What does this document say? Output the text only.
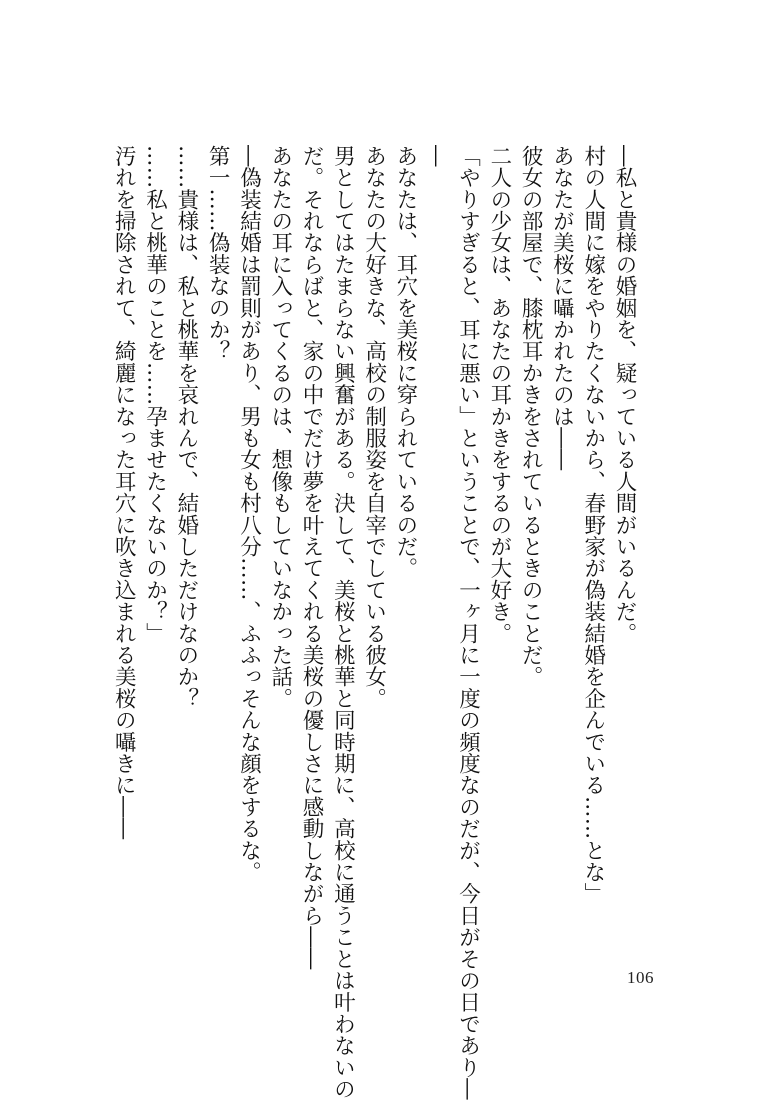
―私と貴様の婚姻を、疑っている人間がいるんだ。

村の人間に嫁をやりたくないから、春野家が偽装結婚を企んでいる……とな」

あなたが美桜に囁かれたのは――

彼女の部屋で、膝枕耳かきをされているときのことだ。

二人の少女は、あなたの耳かきをするのが大好き。

「やりすぎると、耳に悪い」ということで、一ヶ月に一度の頻度なのだが、今日がその日であり―

―

あなたは、耳穴を美桜に穿られているのだ。

あなたの大好きな、高校の制服姿を自宰でしている彼女。

男としてはたまらない興奮がある。決して、美桜と桃華と同時期に、高校に通うことは叶わないの

だ。それならばと、家の中でだけ夢を叶えてくれる美桜の優しさに感動しながら――

あなたの耳に入ってくるのは、想像もしていなかった話。

―偽装結婚は罰則があり、男も女も村八分……、ふふっそんな顔をするな。

第一……偽装なのか？

……貴様は、私と桃華を哀れんで、結婚しただけなのか？

……私と桃華のことを……孕ませたくないのか？」

汚れを掃除されて、綺麗になった耳穴に吹き込まれる美桜の囁きに――

106
